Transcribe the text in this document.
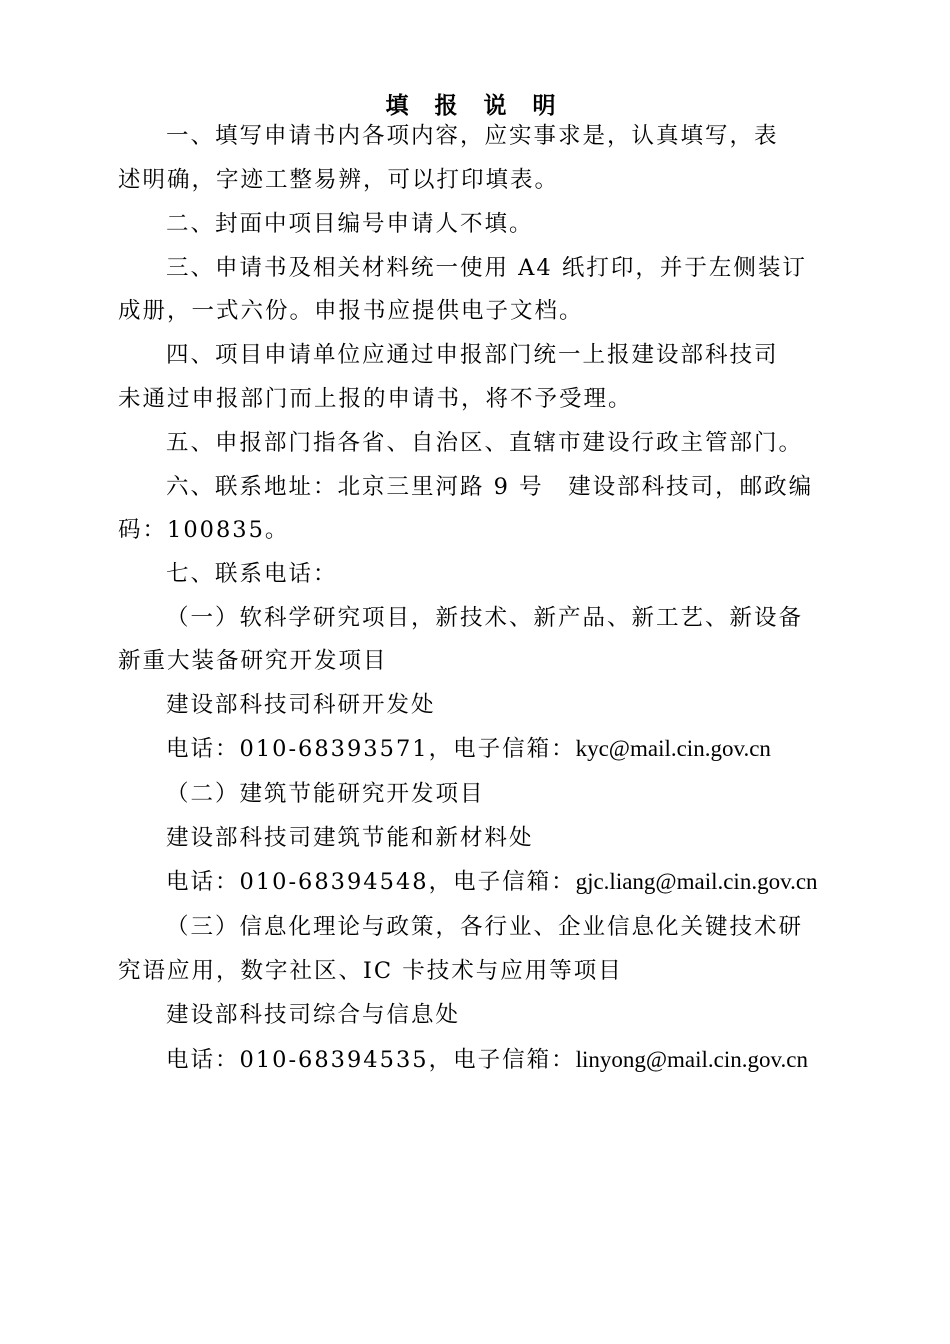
填 报 说 明
一、填写申请书内各项内容，应实事求是，认真填写，表
述明确，字迹工整易辨，可以打印填表。
二、封面中项目编号申请人不填。
三、申请书及相关材料统一使用 A4 纸打印，并于左侧装订
成册，一式六份。申报书应提供电子文档。
四、项目申请单位应通过申报部门统一上报建设部科技司
未通过申报部门而上报的申请书，将不予受理。
五、申报部门指各省、自治区、直辖市建设行政主管部门。
六、联系地址：北京三里河路 9 号　建设部科技司，邮政编
码：100835。
七、联系电话：
（一）软科学研究项目，新技术、新产品、新工艺、新设备
新重大装备研究开发项目
建设部科技司科研开发处
电话：010-68393571，电子信箱：kyc@mail.cin.gov.cn
（二）建筑节能研究开发项目
建设部科技司建筑节能和新材料处
电话：010-68394548，电子信箱：gjc.liang@mail.cin.gov.cn
（三）信息化理论与政策，各行业、企业信息化关键技术研
究语应用，数字社区、IC 卡技术与应用等项目
建设部科技司综合与信息处
电话：010-68394535，电子信箱：linyong@mail.cin.gov.cn
